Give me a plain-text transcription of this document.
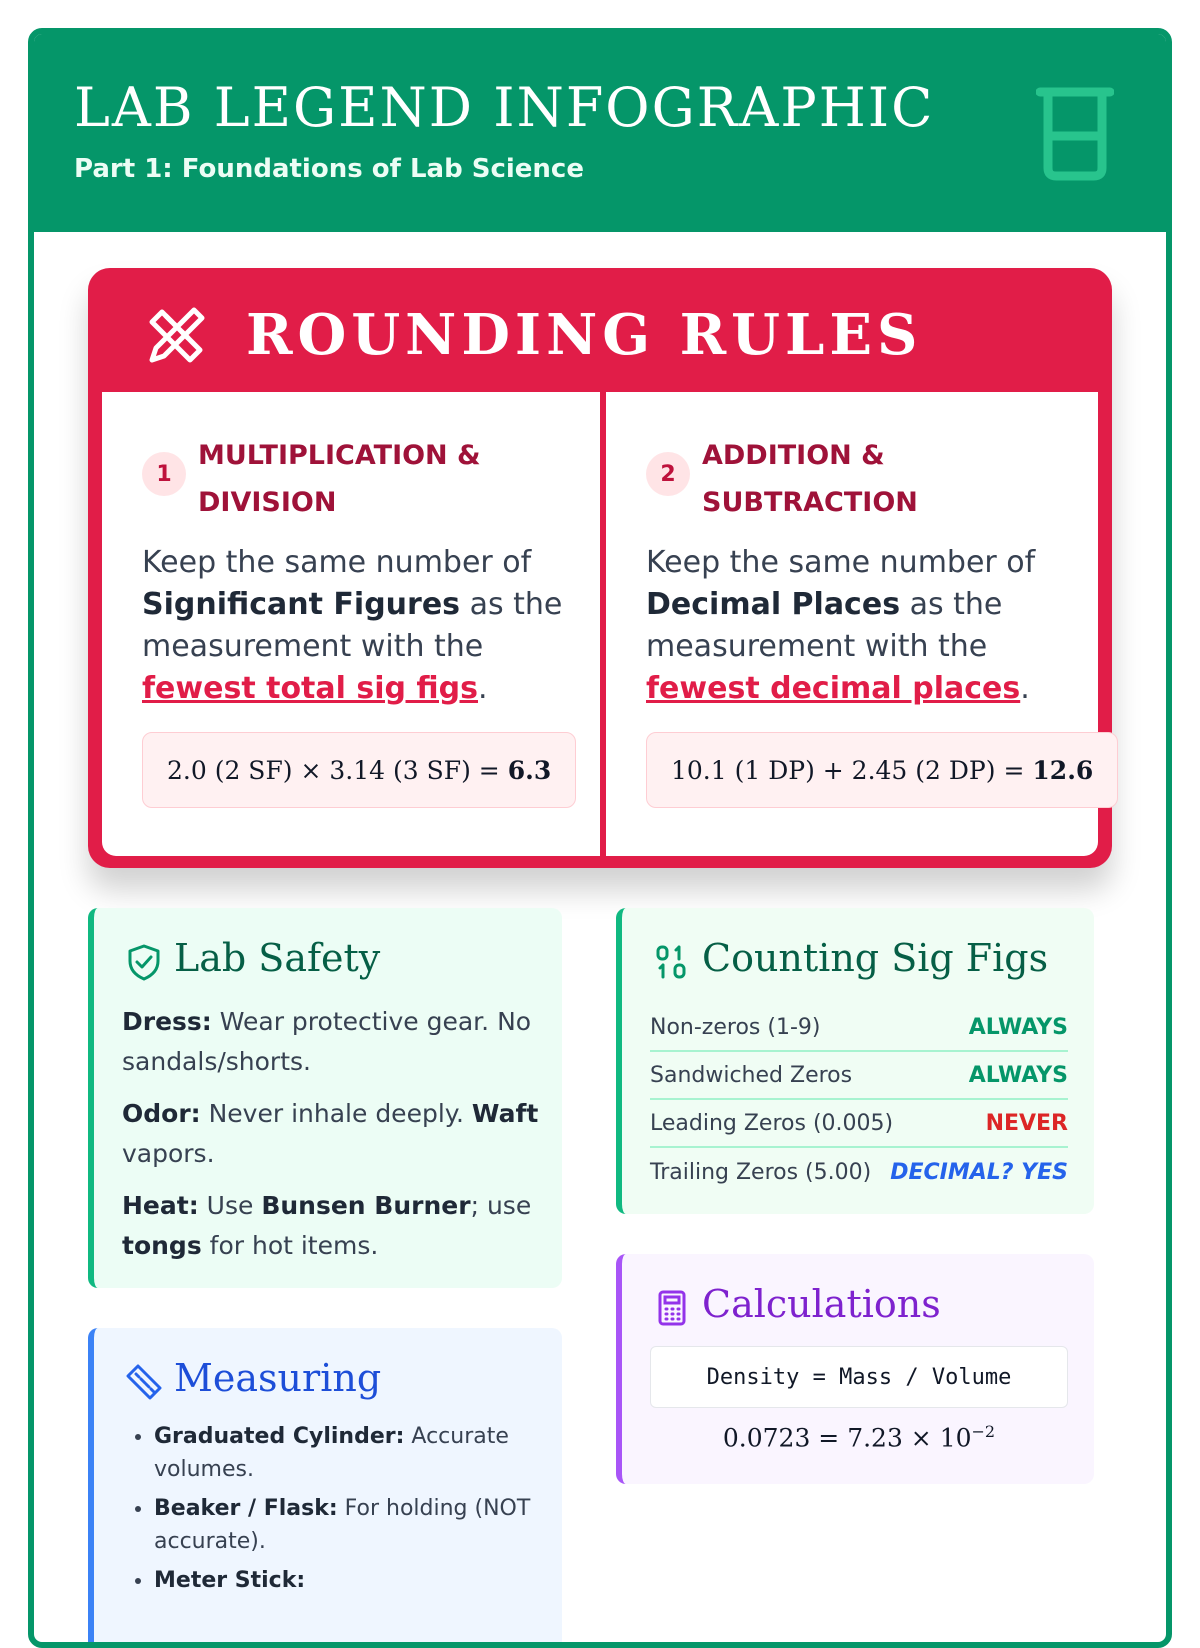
LAB LEGEND INFOGRAPHIC
Part 1: Foundations of Lab Science
ROUNDING RULES
1
MULTIPLICATION &
DIVISION
Keep the same number of Significant Figures as the measurement with the fewest total sig figs.
2.0 (2 SF) × 3.14 (3 SF) = 6.3
2
ADDITION &
SUBTRACTION
Keep the same number of Decimal Places as the measurement with the fewest decimal places.
10.1 (1 DP) + 2.45 (2 DP) = 12.6
Lab Safety

Dress: Wear protective gear. No sandals/shorts.

Odor: Never inhale deeply. Waft vapors.

Heat: Use Bunsen Burner; use tongs for hot items.

Counting Sig Figs
Non-zeros (1-9)	ALWAYS
Sandwiched Zeros	ALWAYS
Leading Zeros (0.005)	NEVER
Trailing Zeros (5.00) DECIMAL? YES
Calculations
Density = Mass / Volume
$0.0723 = 7.23 \times 10^{-2}$
Measuring
• Graduated Cylinder: Accurate volumes.
• Beaker / Flask: For holding (NOT accurate).
• Meter Stick:
